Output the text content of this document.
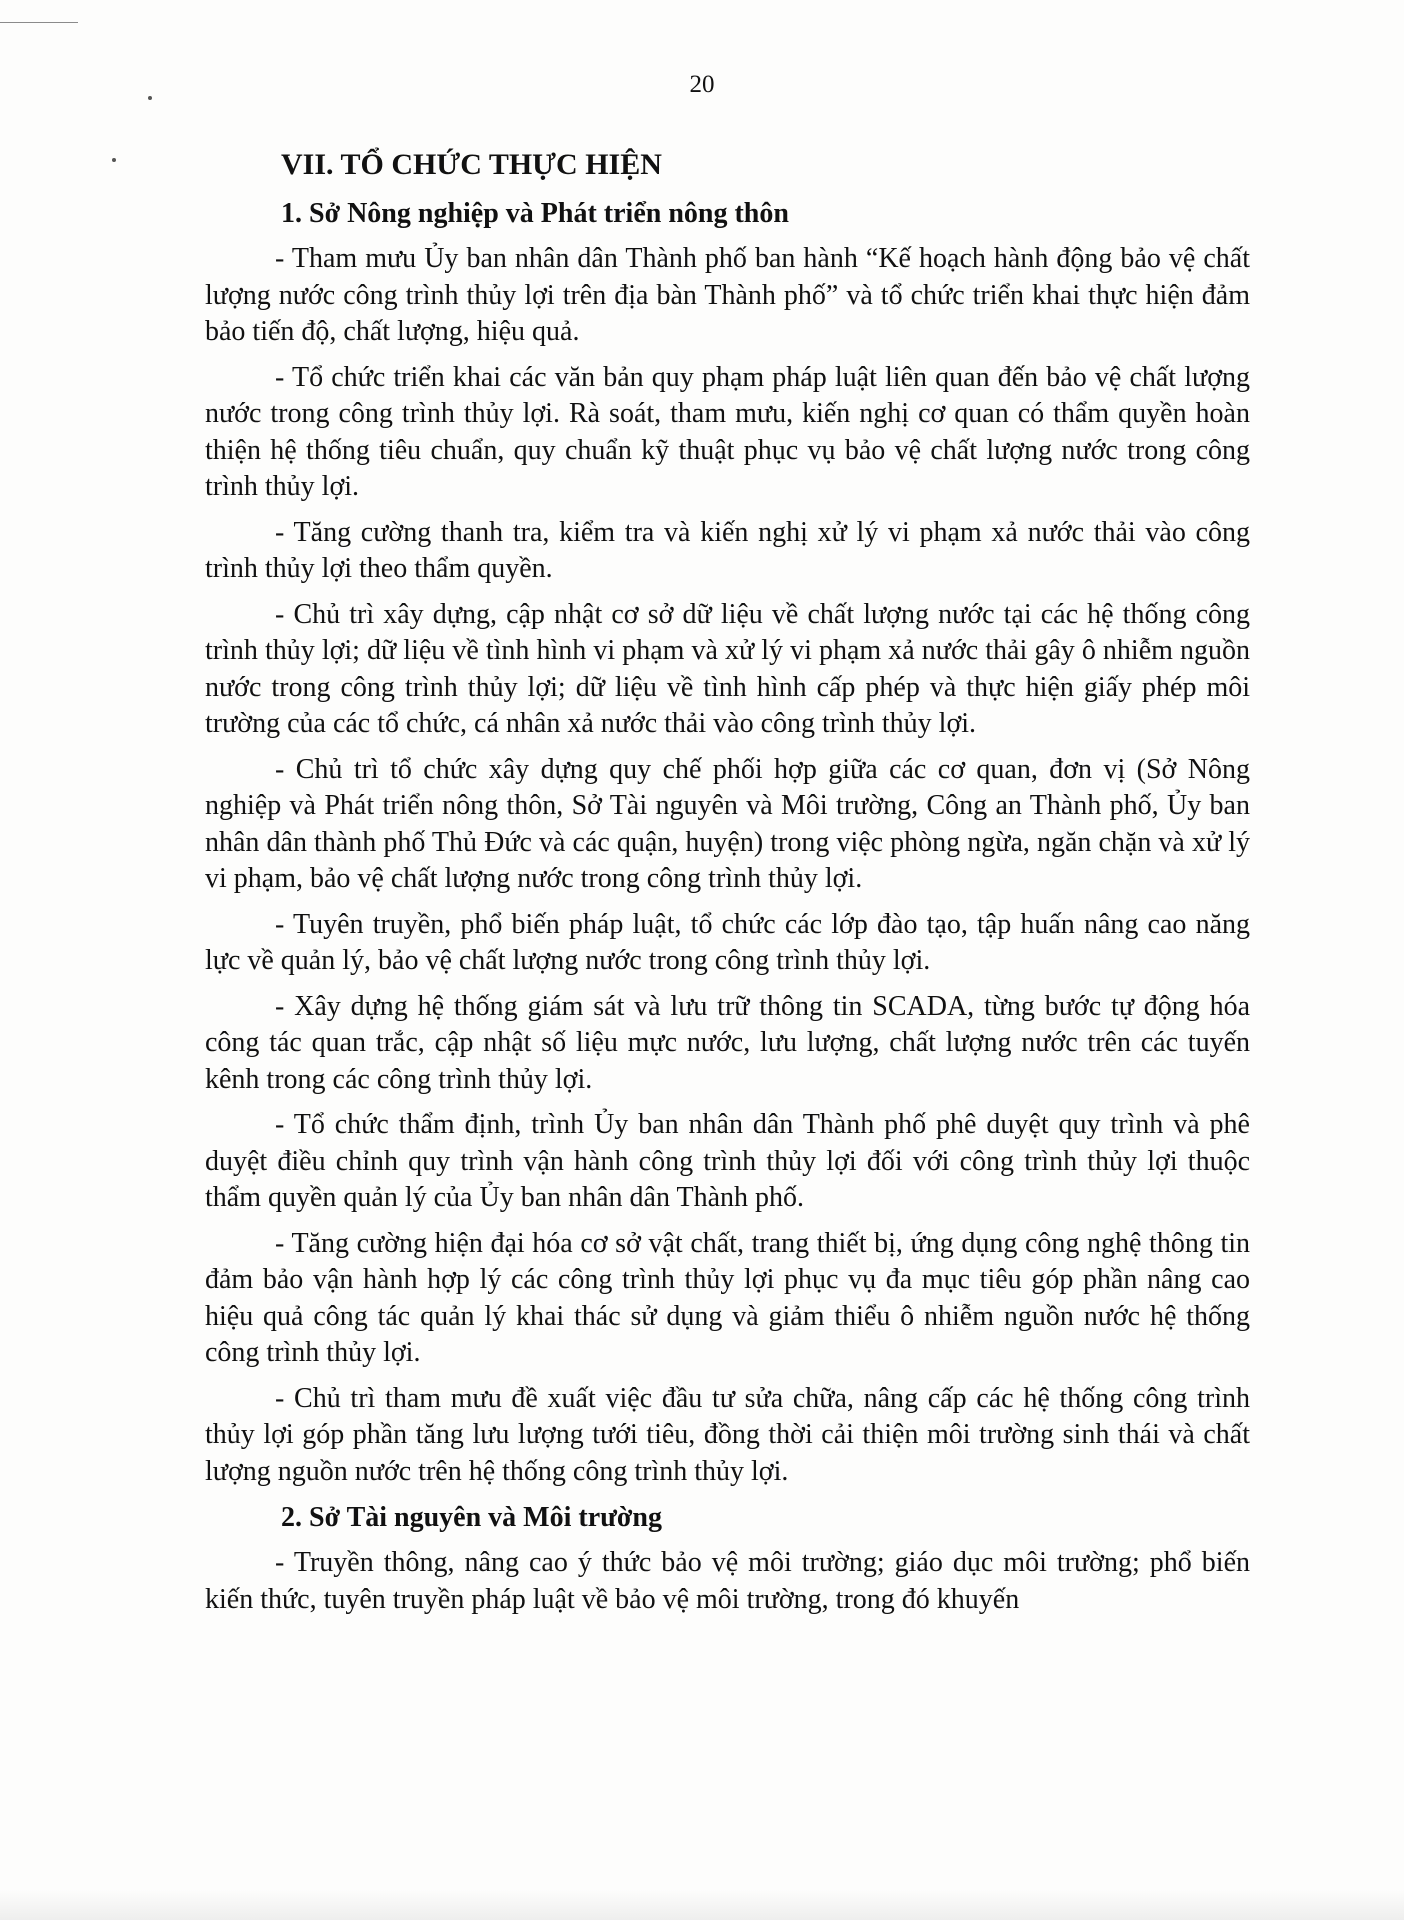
20
VII. TỔ CHỨC THỰC HIỆN
1. Sở Nông nghiệp và Phát triển nông thôn

- Tham mưu Ủy ban nhân dân Thành phố ban hành “Kế hoạch hành động bảo vệ chất lượng nước công trình thủy lợi trên địa bàn Thành phố” và tổ chức triển khai thực hiện đảm bảo tiến độ, chất lượng, hiệu quả.

- Tổ chức triển khai các văn bản quy phạm pháp luật liên quan đến bảo vệ chất lượng nước trong công trình thủy lợi. Rà soát, tham mưu, kiến nghị cơ quan có thẩm quyền hoàn thiện hệ thống tiêu chuẩn, quy chuẩn kỹ thuật phục vụ bảo vệ chất lượng nước trong công trình thủy lợi.

- Tăng cường thanh tra, kiểm tra và kiến nghị xử lý vi phạm xả nước thải vào công trình thủy lợi theo thẩm quyền.

- Chủ trì xây dựng, cập nhật cơ sở dữ liệu về chất lượng nước tại các hệ thống công trình thủy lợi; dữ liệu về tình hình vi phạm và xử lý vi phạm xả nước thải gây ô nhiễm nguồn nước trong công trình thủy lợi; dữ liệu về tình hình cấp phép và thực hiện giấy phép môi trường của các tổ chức, cá nhân xả nước thải vào công trình thủy lợi.

- Chủ trì tổ chức xây dựng quy chế phối hợp giữa các cơ quan, đơn vị (Sở Nông nghiệp và Phát triển nông thôn, Sở Tài nguyên và Môi trường, Công an Thành phố, Ủy ban nhân dân thành phố Thủ Đức và các quận, huyện) trong việc phòng ngừa, ngăn chặn và xử lý vi phạm, bảo vệ chất lượng nước trong công trình thủy lợi.

- Tuyên truyền, phổ biến pháp luật, tổ chức các lớp đào tạo, tập huấn nâng cao năng lực về quản lý, bảo vệ chất lượng nước trong công trình thủy lợi.

- Xây dựng hệ thống giám sát và lưu trữ thông tin SCADA, từng bước tự động hóa công tác quan trắc, cập nhật số liệu mực nước, lưu lượng, chất lượng nước trên các tuyến kênh trong các công trình thủy lợi.

- Tổ chức thẩm định, trình Ủy ban nhân dân Thành phố phê duyệt quy trình và phê duyệt điều chỉnh quy trình vận hành công trình thủy lợi đối với công trình thủy lợi thuộc thẩm quyền quản lý của Ủy ban nhân dân Thành phố.

- Tăng cường hiện đại hóa cơ sở vật chất, trang thiết bị, ứng dụng công nghệ thông tin đảm bảo vận hành hợp lý các công trình thủy lợi phục vụ đa mục tiêu góp phần nâng cao hiệu quả công tác quản lý khai thác sử dụng và giảm thiểu ô nhiễm nguồn nước hệ thống công trình thủy lợi.

- Chủ trì tham mưu đề xuất việc đầu tư sửa chữa, nâng cấp các hệ thống công trình thủy lợi góp phần tăng lưu lượng tưới tiêu, đồng thời cải thiện môi trường sinh thái và chất lượng nguồn nước trên hệ thống công trình thủy lợi.

2. Sở Tài nguyên và Môi trường

- Truyền thông, nâng cao ý thức bảo vệ môi trường; giáo dục môi trường; phổ biến kiến thức, tuyên truyền pháp luật về bảo vệ môi trường, trong đó khuyến
